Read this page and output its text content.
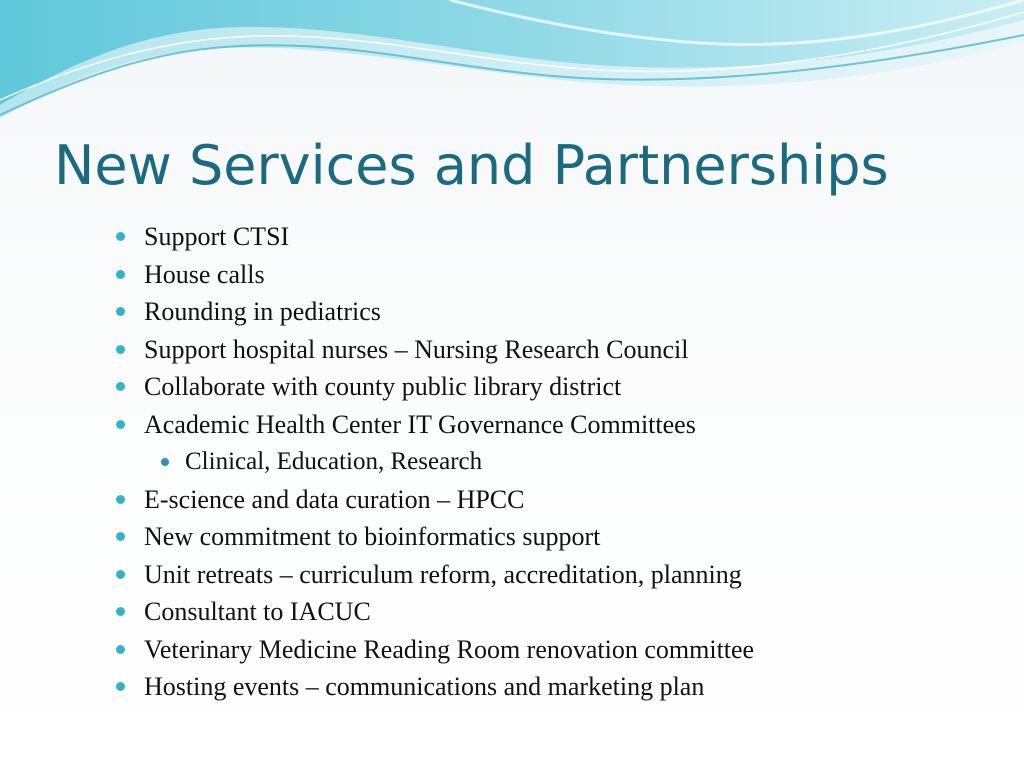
New Services and Partnerships
Support CTSI
House calls
Rounding in pediatrics
Support hospital nurses – Nursing Research Council
Collaborate with county public library district
Academic Health Center IT Governance Committees
Clinical, Education, Research
E-science and data curation – HPCC
New commitment to bioinformatics support
Unit retreats – curriculum reform, accreditation, planning
Consultant to IACUC
Veterinary Medicine Reading Room renovation committee
Hosting events – communications and marketing plan
